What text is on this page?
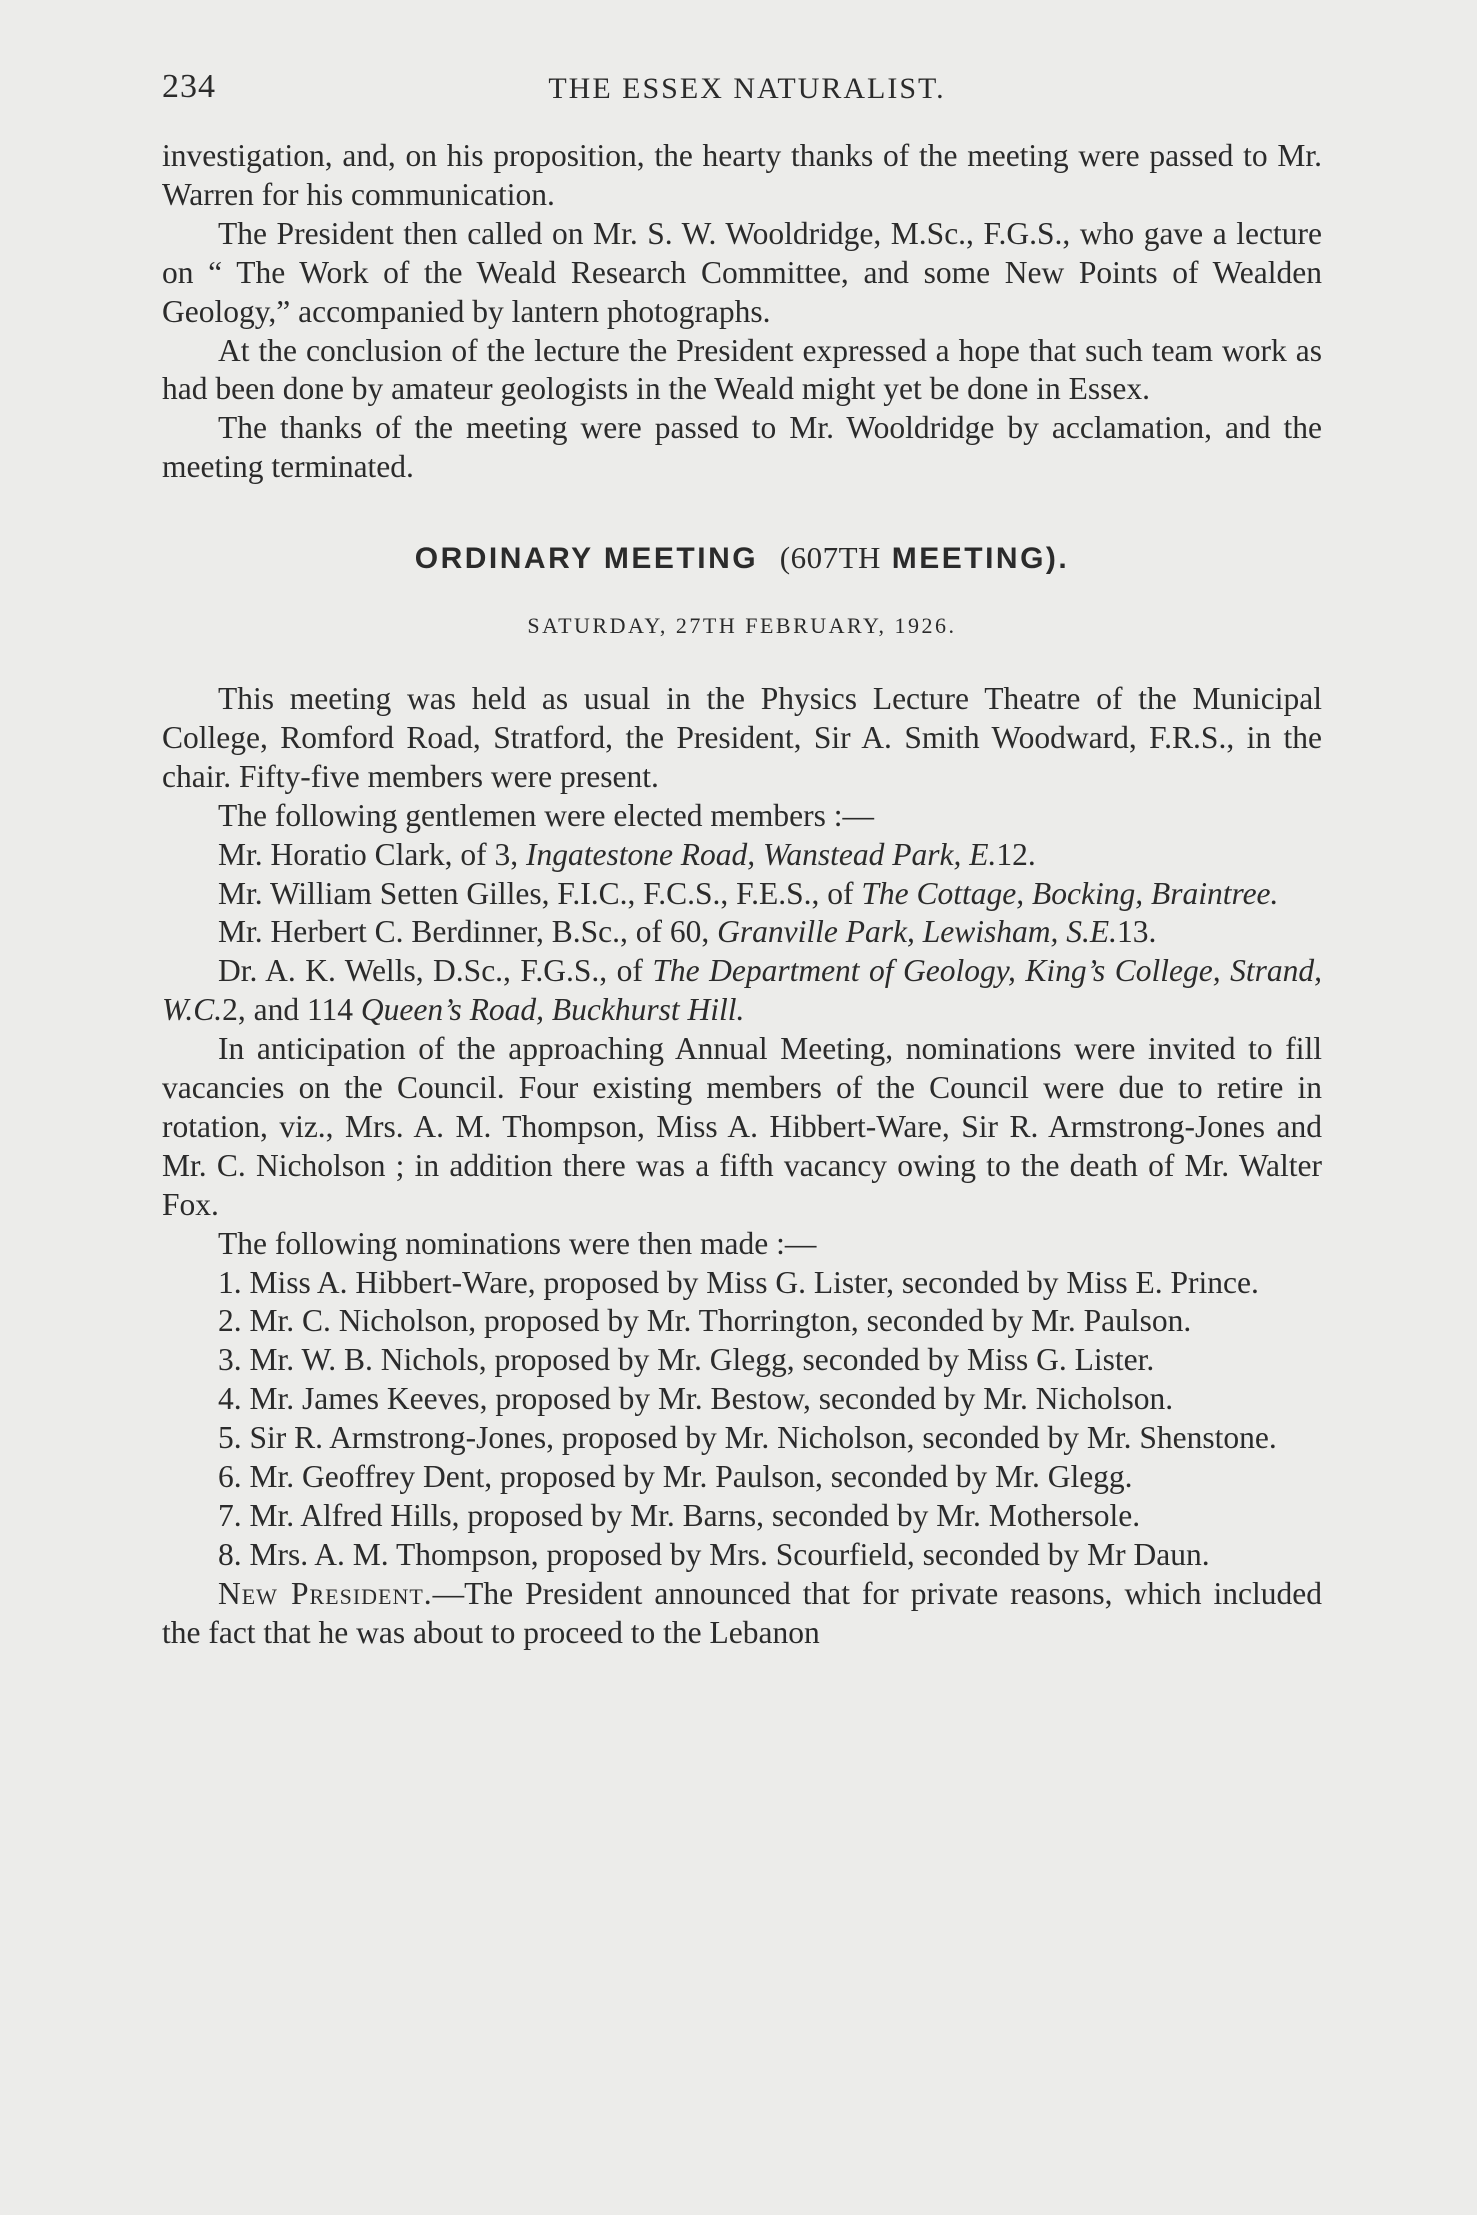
234	THE ESSEX NATURALIST.

investigation, and, on his proposition, the hearty thanks of the meeting were passed to Mr. Warren for his communication.

The President then called on Mr. S. W. Wooldridge, M.Sc., F.G.S., who gave a lecture on “ The Work of the Weald Research Committee, and some New Points of Wealden Geology,” accompanied by lantern photographs.

At the conclusion of the lecture the President expressed a hope that such team work as had been done by amateur geologists in the Weald might yet be done in Essex.

The thanks of the meeting were passed to Mr. Wooldridge by acclamation, and the meeting terminated.

ORDINARY MEETING (607TH MEETING).

SATURDAY, 27TH FEBRUARY, 1926.

This meeting was held as usual in the Physics Lecture Theatre of the Municipal College, Romford Road, Stratford, the President, Sir A. Smith Woodward, F.R.S., in the chair. Fifty-five members were present.

The following gentlemen were elected members :—

Mr. Horatio Clark, of 3, Ingatestone Road, Wanstead Park, E.12.

Mr. William Setten Gilles, F.I.C., F.C.S., F.E.S., of The Cottage, Bocking, Braintree.

Mr. Herbert C. Berdinner, B.Sc., of 60, Granville Park, Lewisham, S.E.13.

Dr. A. K. Wells, D.Sc., F.G.S., of The Department of Geology, King’s College, Strand, W.C.2, and 114 Queen’s Road, Buckhurst Hill.

In anticipation of the approaching Annual Meeting, nominations were invited to fill vacancies on the Council. Four existing members of the Council were due to retire in rotation, viz., Mrs. A. M. Thompson, Miss A. Hibbert-Ware, Sir R. Armstrong-Jones and Mr. C. Nicholson ; in addition there was a fifth vacancy owing to the death of Mr. Walter Fox.

The following nominations were then made :—

1. Miss A. Hibbert-Ware, proposed by Miss G. Lister, seconded by Miss E. Prince.

2. Mr. C. Nicholson, proposed by Mr. Thorrington, seconded by Mr. Paulson.

3. Mr. W. B. Nichols, proposed by Mr. Glegg, seconded by Miss G. Lister.

4. Mr. James Keeves, proposed by Mr. Bestow, seconded by Mr. Nicholson.

5. Sir R. Armstrong-Jones, proposed by Mr. Nicholson, seconded by Mr. Shenstone.

6. Mr. Geoffrey Dent, proposed by Mr. Paulson, seconded by Mr. Glegg.

7. Mr. Alfred Hills, proposed by Mr. Barns, seconded by Mr. Mothersole.

8. Mrs. A. M. Thompson, proposed by Mrs. Scourfield, seconded by Mr Daun.

New President.—The President announced that for private reasons, which included the fact that he was about to proceed to the Lebanon
